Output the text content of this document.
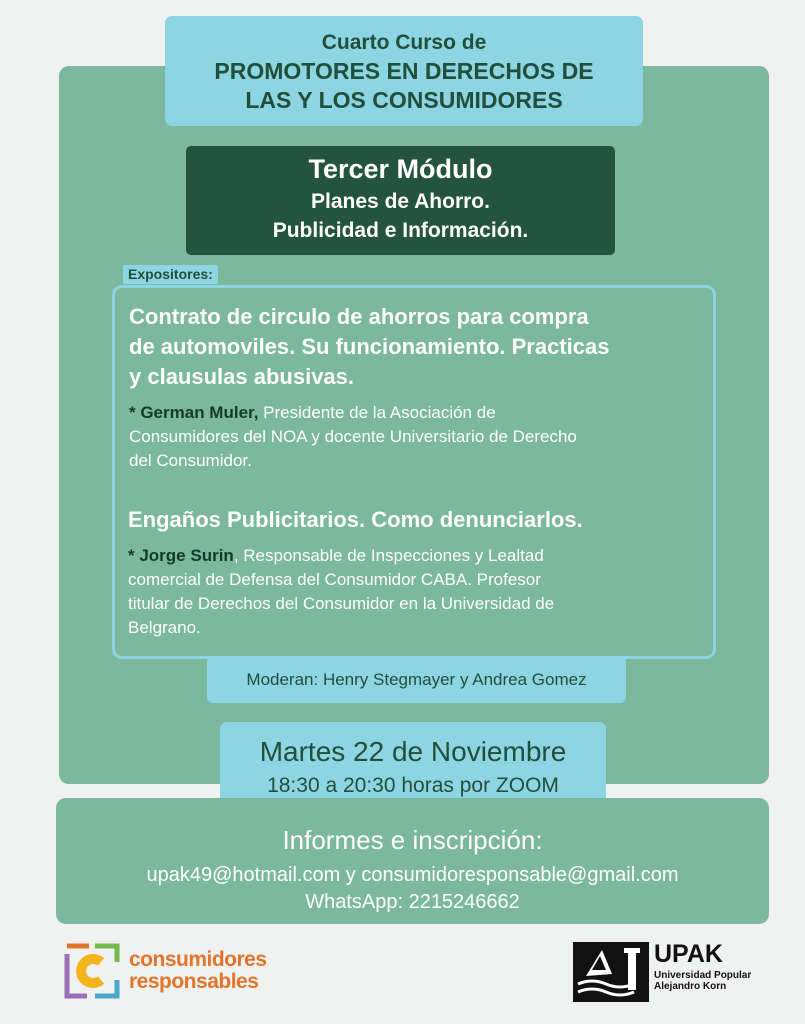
Cuarto Curso de
PROMOTORES EN DERECHOS DE
LAS Y LOS CONSUMIDORES
Tercer Módulo
Planes de Ahorro.
Publicidad e Información.
Expositores:
Contrato de circulo de ahorros para compra
de automoviles. Su funcionamiento. Practicas
y clausulas abusivas.
* German Muler, Presidente de la Asociación de
Consumidores del NOA y docente Universitario de Derecho
del Consumidor.
Engaños Publicitarios. Como denunciarlos.
* Jorge Surin, Responsable de Inspecciones y Lealtad
comercial de Defensa del Consumidor CABA. Profesor
titular de Derechos del Consumidor en la Universidad de
Belgrano.
Moderan: Henry Stegmayer y Andrea Gomez
Martes 22 de Noviembre
18:30 a 20:30 horas por ZOOM
Informes e inscripción:
upak49@hotmail.com y consumidoresponsable@gmail.com
WhatsApp: 2215246662
consumidores
responsables
UPAK
Universidad Popular
Alejandro Korn
